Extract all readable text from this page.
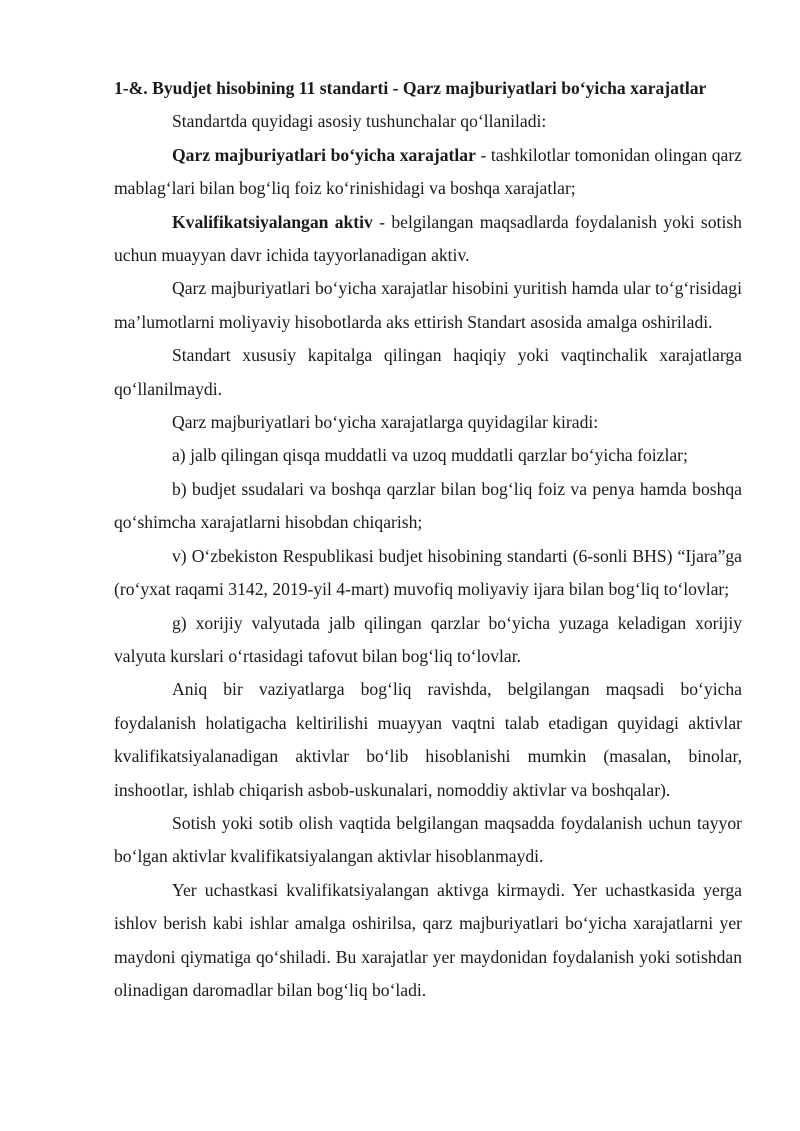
1-&. Byudjet hisobining 11 standarti - Qarz majburiyatlari bo‘yicha xarajatlar

Standartda quyidagi asosiy tushunchalar qo‘llaniladi:

Qarz majburiyatlari bo‘yicha xarajatlar - tashkilotlar tomonidan olingan qarz mablag‘lari bilan bog‘liq foiz ko‘rinishidagi va boshqa xarajatlar;

Kvalifikatsiyalangan aktiv - belgilangan maqsadlarda foydalanish yoki sotish uchun muayyan davr ichida tayyorlanadigan aktiv.

Qarz majburiyatlari bo‘yicha xarajatlar hisobini yuritish hamda ular to‘g‘risidagi ma’lumotlarni moliyaviy hisobotlarda aks ettirish Standart asosida amalga oshiriladi.

Standart xususiy kapitalga qilingan haqiqiy yoki vaqtinchalik xarajatlarga qo‘llanilmaydi.

Qarz majburiyatlari bo‘yicha xarajatlarga quyidagilar kiradi:

a) jalb qilingan qisqa muddatli va uzoq muddatli qarzlar bo‘yicha foizlar;

b) budjet ssudalari va boshqa qarzlar bilan bog‘liq foiz va penya hamda boshqa qo‘shimcha xarajatlarni hisobdan chiqarish;

v) O‘zbekiston Respublikasi budjet hisobining standarti (6-sonli BHS) “Ijara”ga (ro‘yxat raqami 3142, 2019-yil 4-mart) muvofiq moliyaviy ijara bilan bog‘liq to‘lovlar;

g) xorijiy valyutada jalb qilingan qarzlar bo‘yicha yuzaga keladigan xorijiy valyuta kurslari o‘rtasidagi tafovut bilan bog‘liq to‘lovlar.

Aniq bir vaziyatlarga bog‘liq ravishda, belgilangan maqsadi bo‘yicha foydalanish holatigacha keltirilishi muayyan vaqtni talab etadigan quyidagi aktivlar kvalifikatsiyalanadigan aktivlar bo‘lib hisoblanishi mumkin (masalan, binolar, inshootlar, ishlab chiqarish asbob-uskunalari, nomoddiy aktivlar va boshqalar).

Sotish yoki sotib olish vaqtida belgilangan maqsadda foydalanish uchun tayyor bo‘lgan aktivlar kvalifikatsiyalangan aktivlar hisoblanmaydi.

Yer uchastkasi kvalifikatsiyalangan aktivga kirmaydi. Yer uchastkasida yerga ishlov berish kabi ishlar amalga oshirilsa, qarz majburiyatlari bo‘yicha xarajatlarni yer maydoni qiymatiga qo‘shiladi. Bu xarajatlar yer maydonidan foydalanish yoki sotishdan olinadigan daromadlar bilan bog‘liq bo‘ladi.
